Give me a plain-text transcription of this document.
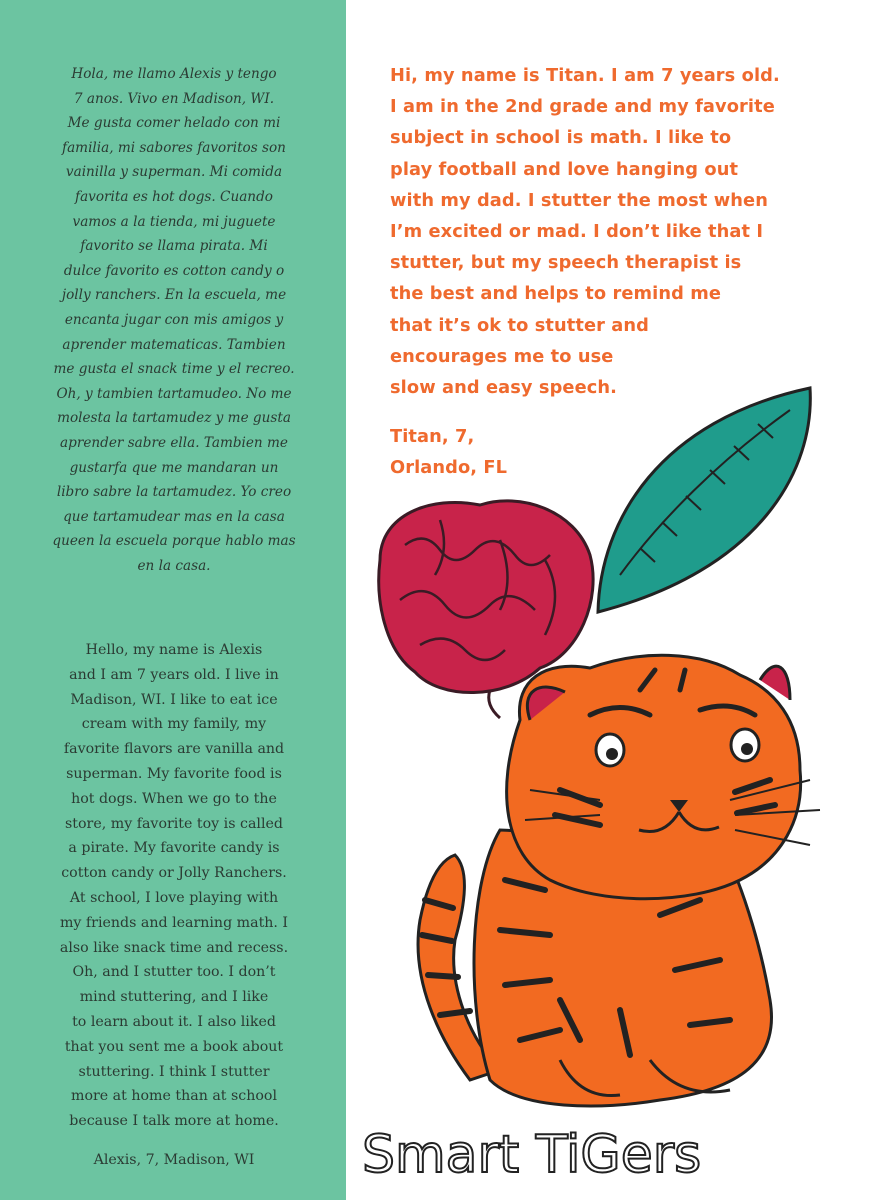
Hola, me llamo Alexis y tengo

7 anos. Vivo en Madison, WI.

Me gusta comer helado con mi

familia, mi sabores favoritos son

vainilla y superman. Mi comida

favorita es hot dogs. Cuando

vamos a la tienda, mi juguete

favorito se llama pirata. Mi

dulce favorito es cotton candy o

jolly ranchers. En la escuela, me

encanta jugar con mis amigos y

aprender matematicas. Tambien

me gusta el snack time y el recreo.

Oh, y tambien tartamudeo. No me

molesta la tartamudez y me gusta

aprender sabre ella. Tambien me

gustarfa que me mandaran un

libro sabre la tartamudez. Yo creo

que tartamudear mas en la casa

queen la escuela porque hablo mas

en la casa.

Hello, my name is Alexis

and I am 7 years old. I live in

Madison, WI. I like to eat ice

cream with my family, my

favorite flavors are vanilla and

superman. My favorite food is

hot dogs. When we go to the

store, my favorite toy is called

a pirate. My favorite candy is

cotton candy or Jolly Ranchers.

At school, I love playing with

my friends and learning math. I

also like snack time and recess.

Oh, and I stutter too. I don’t

mind stuttering, and I like

to learn about it. I also liked

that you sent me a book about

stuttering. I think I stutter

more at home than at school

because I talk more at home.

Alexis, 7, Madison, WI

Hi, my name is Titan. I am 7 years old.

I am in the 2nd grade and my favorite

subject in school is math. I like to

play football and love hanging out

with my dad. I stutter the most when

I’m excited or mad. I don’t like that I

stutter, but my speech therapist is

the best and helps to remind me

that it’s ok to stutter and

encourages me to use

slow and easy speech.

Titan, 7,

Orlando, FL

Smart TiGers
